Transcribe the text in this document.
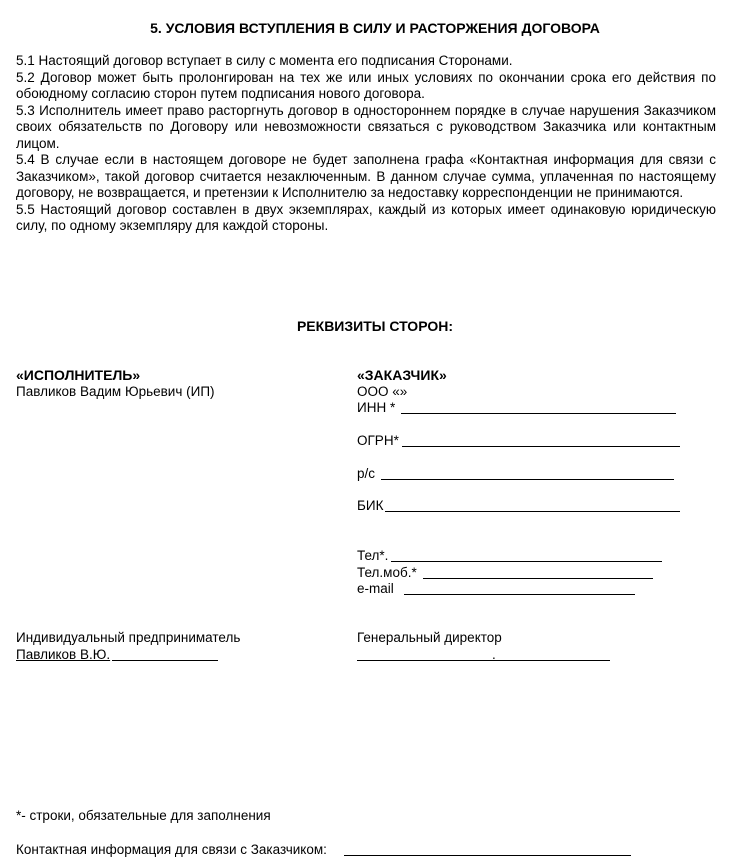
5. УСЛОВИЯ ВСТУПЛЕНИЯ В СИЛУ И РАСТОРЖЕНИЯ ДОГОВОРА

5.1 Настоящий договор вступает в силу с момента его подписания Сторонами.

5.2 Договор может быть пролонгирован на тех же или иных условиях по окончании срока его действия по обоюдному согласию сторон путем подписания нового договора.

5.3 Исполнитель имеет право расторгнуть договор в одностороннем порядке в случае нарушения Заказчиком своих обязательств по Договору или невозможности связаться с руководством Заказчика или контактным лицом.

5.4 В случае если в настоящем договоре не будет заполнена графа «Контактная информация для связи с Заказчиком», такой договор считается незаключенным. В данном случае сумма, уплаченная по настоящему договору, не возвращается, и претензии к Исполнителю за недоставку корреспонденции не принимаются.

5.5 Настоящий договор составлен в двух экземплярах, каждый из которых имеет одинаковую юридическую силу, по одному экземпляру для каждой стороны.

РЕКВИЗИТЫ СТОРОН:
«ИСПОЛНИТЕЛЬ»
Павликов Вадим Юрьевич (ИП)
«ЗАКАЗЧИК»
ООО «»
ИНН *
ОГРН*
р/с
БИК
Тел*.
Тел.моб.*
e-mail
Индивидуальный предприниматель
Павликов В.Ю.
Генеральный директор
.
*- строки, обязательные для заполнения
Контактная информация для связи с Заказчиком:
